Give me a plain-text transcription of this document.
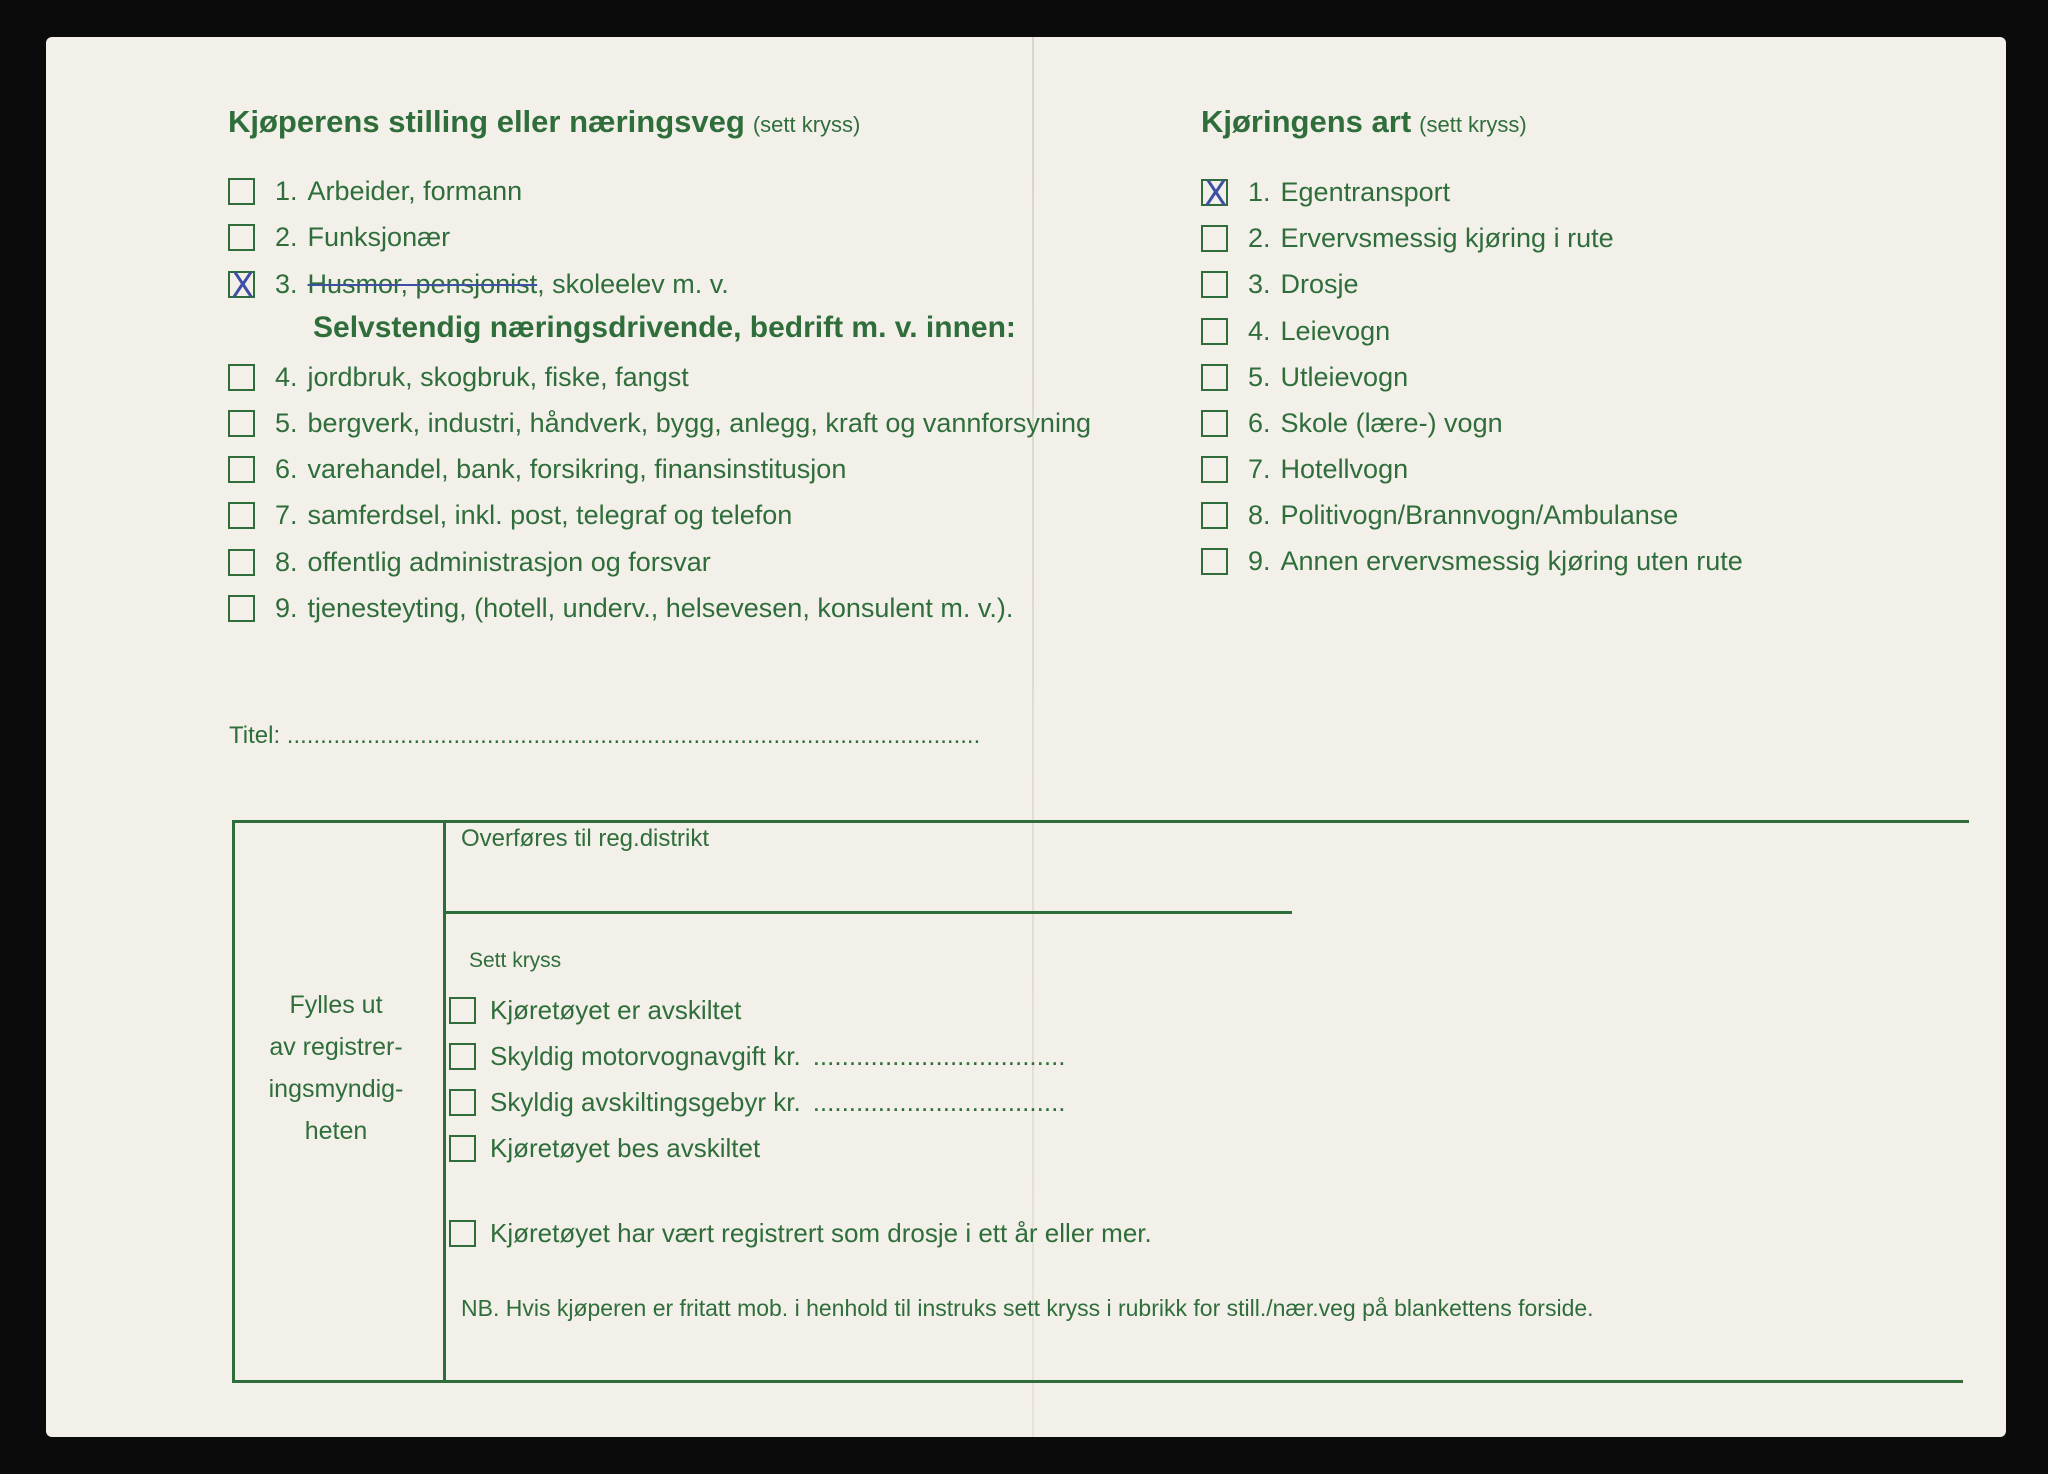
Kjøperens stilling eller næringsveg (sett kryss)
1. Arbeider, formann
2. Funksjonær
X
3. Husmor, pensjonist , skoleelev m. v.
Selvstendig næringsdrivende, bedrift m. v. innen:
4. jordbruk, skogbruk, fiske, fangst
5. bergverk, industri, håndverk, bygg, anlegg, kraft og vannforsyning
6. varehandel, bank, forsikring, finansinstitusjon
7. samferdsel, inkl. post, telegraf og telefon
8. offentlig administrasjon og forsvar
9. tjenesteyting, (hotell, underv., helsevesen, konsulent m. v.).
Titel: ........................................................................................................
Kjøringens art (sett kryss)
X
1. Egentransport
2. Ervervsmessig kjøring i rute
3. Drosje
4. Leievogn
5. Utleievogn
6. Skole (lære-) vogn
7. Hotellvogn
8. Politivogn/Brannvogn/Ambulanse
9. Annen ervervsmessig kjøring uten rute
Fylles ut
av registrer-
ingsmyndig-
heten
Overføres til reg.distrikt
Sett kryss
Kjøretøyet er avskiltet
Skyldig motorvognavgift kr. ...................................
Skyldig avskiltingsgebyr kr. ...................................
Kjøretøyet bes avskiltet
Kjøretøyet har vært registrert som drosje i ett år eller mer.
NB. Hvis kjøperen er fritatt mob. i henhold til instruks sett kryss i rubrikk for still./nær.veg på blankettens forside.
